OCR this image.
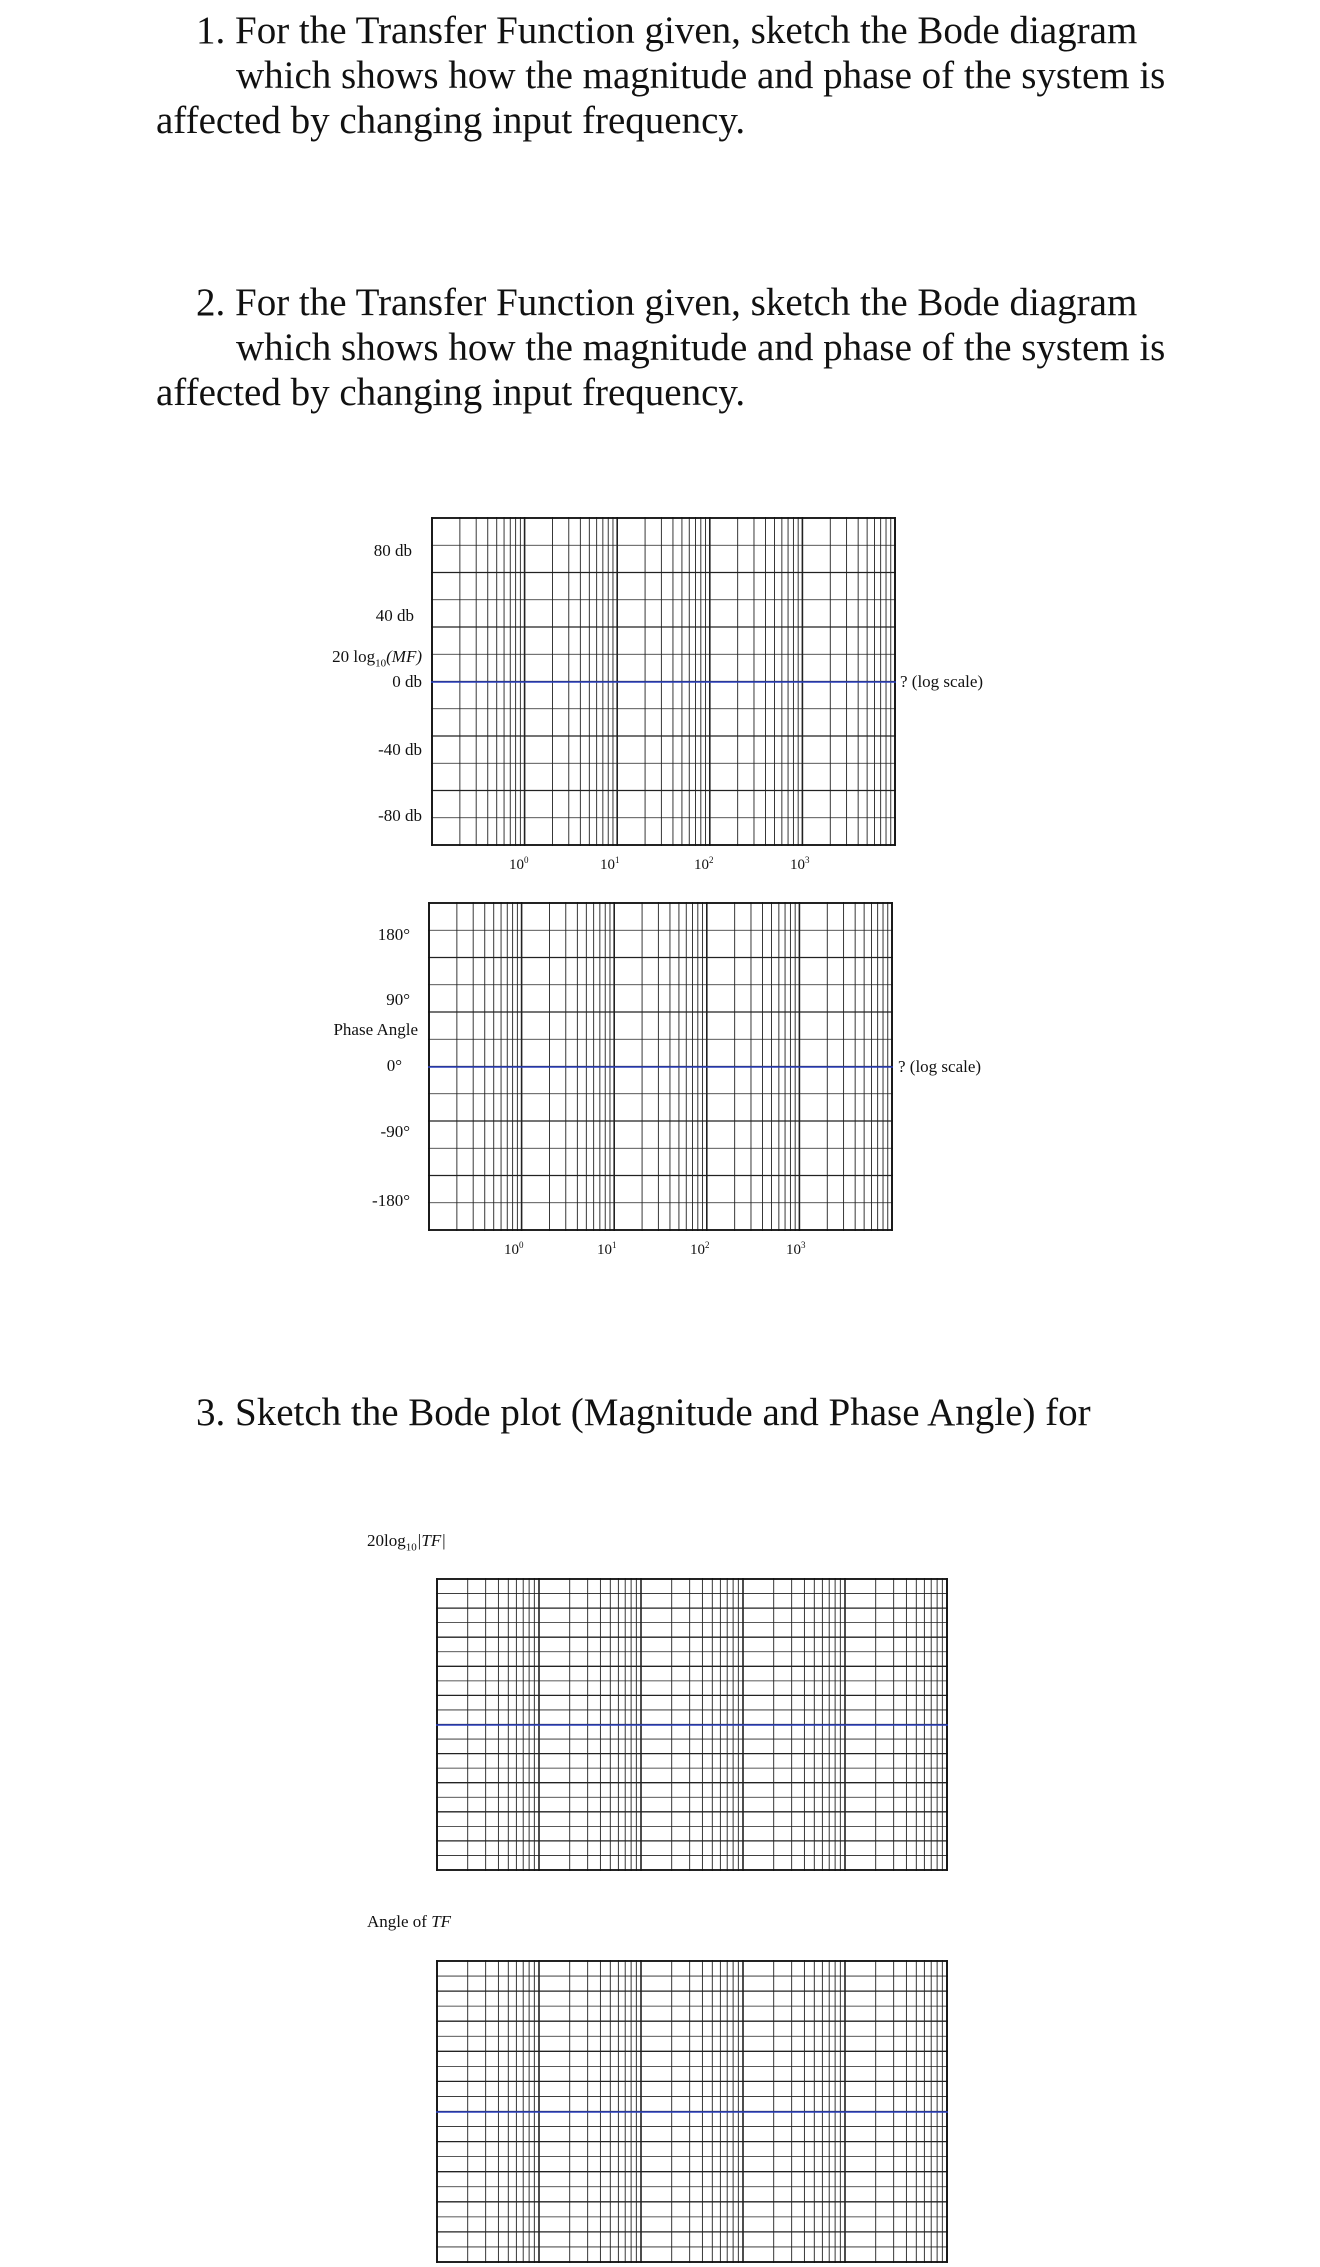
1. For the Transfer Function given, sketch the Bode diagram
which shows how the magnitude and phase of the system is
affected by changing input frequency.
2. For the Transfer Function given, sketch the Bode diagram
which shows how the magnitude and phase of the system is
affected by changing input frequency.
80 db
40 db
20 $\log_{10}(MF)$
0 db
-40 db
-80 db
? (log scale)
$10^0$	$10^1$	$10^2$	$10^3$
180°
90°
Phase Angle
0°
-90°
-180°
? (log scale)
$10^0$	$10^1$	$10^2$	$10^3$
3. Sketch the Bode plot (Magnitude and Phase Angle) for
$20\log_{10}|TF|$
Angle of TF
